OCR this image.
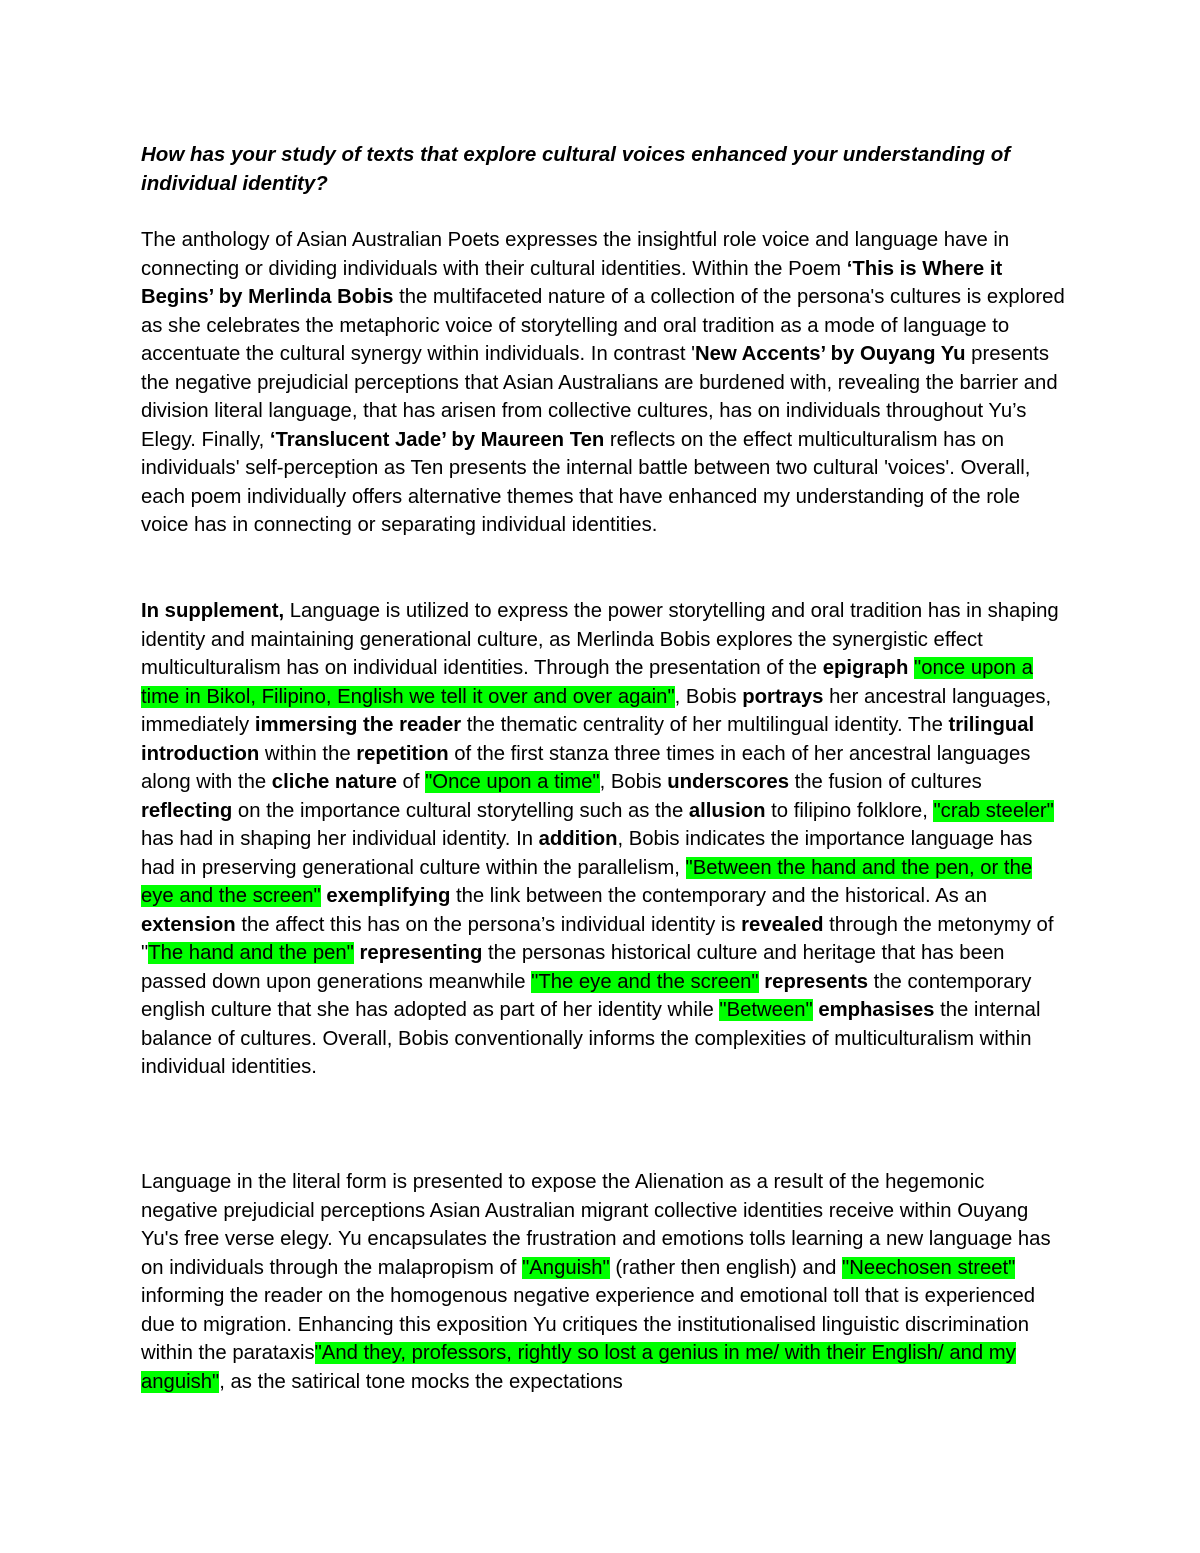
How has your study of texts that explore cultural voices enhanced your understanding of individual identity?

The anthology of Asian Australian Poets expresses the insightful role voice and language have in connecting or dividing individuals with their cultural identities. Within the Poem ‘This is Where it Begins’ by Merlinda Bobis the multifaceted nature of a collection of the persona's cultures is explored as she celebrates the metaphoric voice of storytelling and oral tradition as a mode of language to accentuate the cultural synergy within individuals. In contrast 'New Accents’ by Ouyang Yu presents the negative prejudicial perceptions that Asian Australians are burdened with, revealing the barrier and division literal language, that has arisen from collective cultures, has on individuals throughout Yu’s Elegy. Finally, ‘Translucent Jade’ by Maureen Ten reflects on the effect multiculturalism has on individuals' self-perception as Ten presents the internal battle between two cultural 'voices'. Overall, each poem individually offers alternative themes that have enhanced my understanding of the role voice has in connecting or separating individual identities.

In supplement, Language is utilized to express the power storytelling and oral tradition has in shaping identity and maintaining generational culture, as Merlinda Bobis explores the synergistic effect multiculturalism has on individual identities. Through the presentation of the epigraph "once upon a time in Bikol, Filipino, English we tell it over and over again", Bobis portrays her ancestral languages, immediately immersing the reader the thematic centrality of her multilingual identity. The trilingual introduction within the repetition of the first stanza three times in each of her ancestral languages along with the cliche nature of "Once upon a time", Bobis underscores the fusion of cultures reflecting on the importance cultural storytelling such as the allusion to filipino folklore, "crab steeler" has had in shaping her individual identity. In addition, Bobis indicates the importance language has had in preserving generational culture within the parallelism, "Between the hand and the pen, or the eye and the screen" exemplifying the link between the contemporary and the historical. As an extension the affect this has on the persona’s individual identity is revealed through the metonymy of "The hand and the pen" representing the personas historical culture and heritage that has been passed down upon generations meanwhile "The eye and the screen" represents the contemporary english culture that she has adopted as part of her identity while "Between" emphasises the internal balance of cultures. Overall, Bobis conventionally informs the complexities of multiculturalism within individual identities.

Language in the literal form is presented to expose the Alienation as a result of the hegemonic negative prejudicial perceptions Asian Australian migrant collective identities receive within Ouyang Yu's free verse elegy. Yu encapsulates the frustration and emotions tolls learning a new language has on individuals through the malapropism of "Anguish" (rather then english) and "Neechosen street" informing the reader on the homogenous negative experience and emotional toll that is experienced due to migration. Enhancing this exposition Yu critiques the institutionalised linguistic discrimination within the parataxis"And they, professors, rightly so lost a genius in me/ with their English/ and my anguish", as the satirical tone mocks the expectations
